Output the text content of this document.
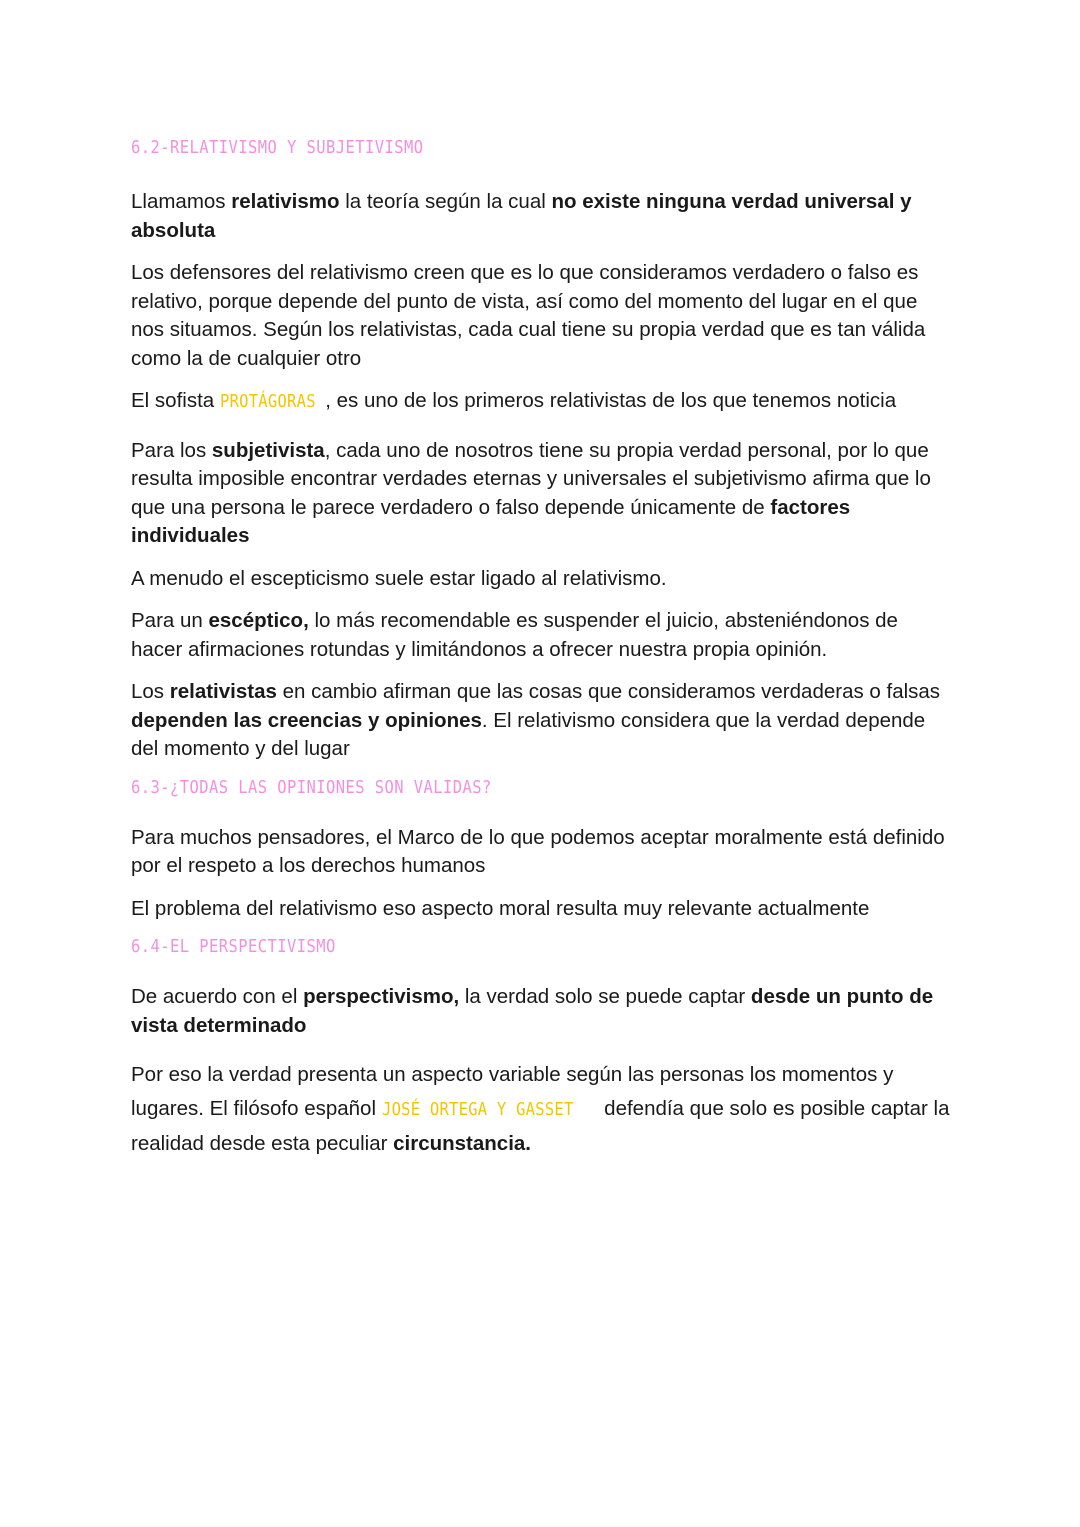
6.2-RELATIVISMO Y SUBJETIVISMO

Llamamos relativismo la teoría según la cual no existe ninguna verdad universal y absoluta

Los defensores del relativismo creen que es lo que consideramos verdadero o falso es relativo, porque depende del punto de vista, así como del momento del lugar en el que nos situamos. Según los relativistas, cada cual tiene su propia verdad que es tan válida como la de cualquier otro

El sofista PROTÁGORAS , es uno de los primeros relativistas de los que tenemos noticia

Para los subjetivista, cada uno de nosotros tiene su propia verdad personal, por lo que resulta imposible encontrar verdades eternas y universales el subjetivismo afirma que lo que una persona le parece verdadero o falso depende únicamente de factores individuales

A menudo el escepticismo suele estar ligado al relativismo.

Para un escéptico, lo más recomendable es suspender el juicio, absteniéndonos de hacer afirmaciones rotundas y limitándonos a ofrecer nuestra propia opinión.

Los relativistas en cambio afirman que las cosas que consideramos verdaderas o falsas dependen las creencias y opiniones. El relativismo considera que la verdad depende del momento y del lugar

6.3-¿TODAS LAS OPINIONES SON VALIDAS?

Para muchos pensadores, el Marco de lo que podemos aceptar moralmente está definido por el respeto a los derechos humanos

El problema del relativismo eso aspecto moral resulta muy relevante actualmente

6.4-EL PERSPECTIVISMO

De acuerdo con el perspectivismo, la verdad solo se puede captar desde un punto de vista determinado

Por eso la verdad presenta un aspecto variable según las personas los momentos y lugares. El filósofo español JOSÉ ORTEGA Y GASSET defendía que solo es posible captar la realidad desde esta peculiar circunstancia.
